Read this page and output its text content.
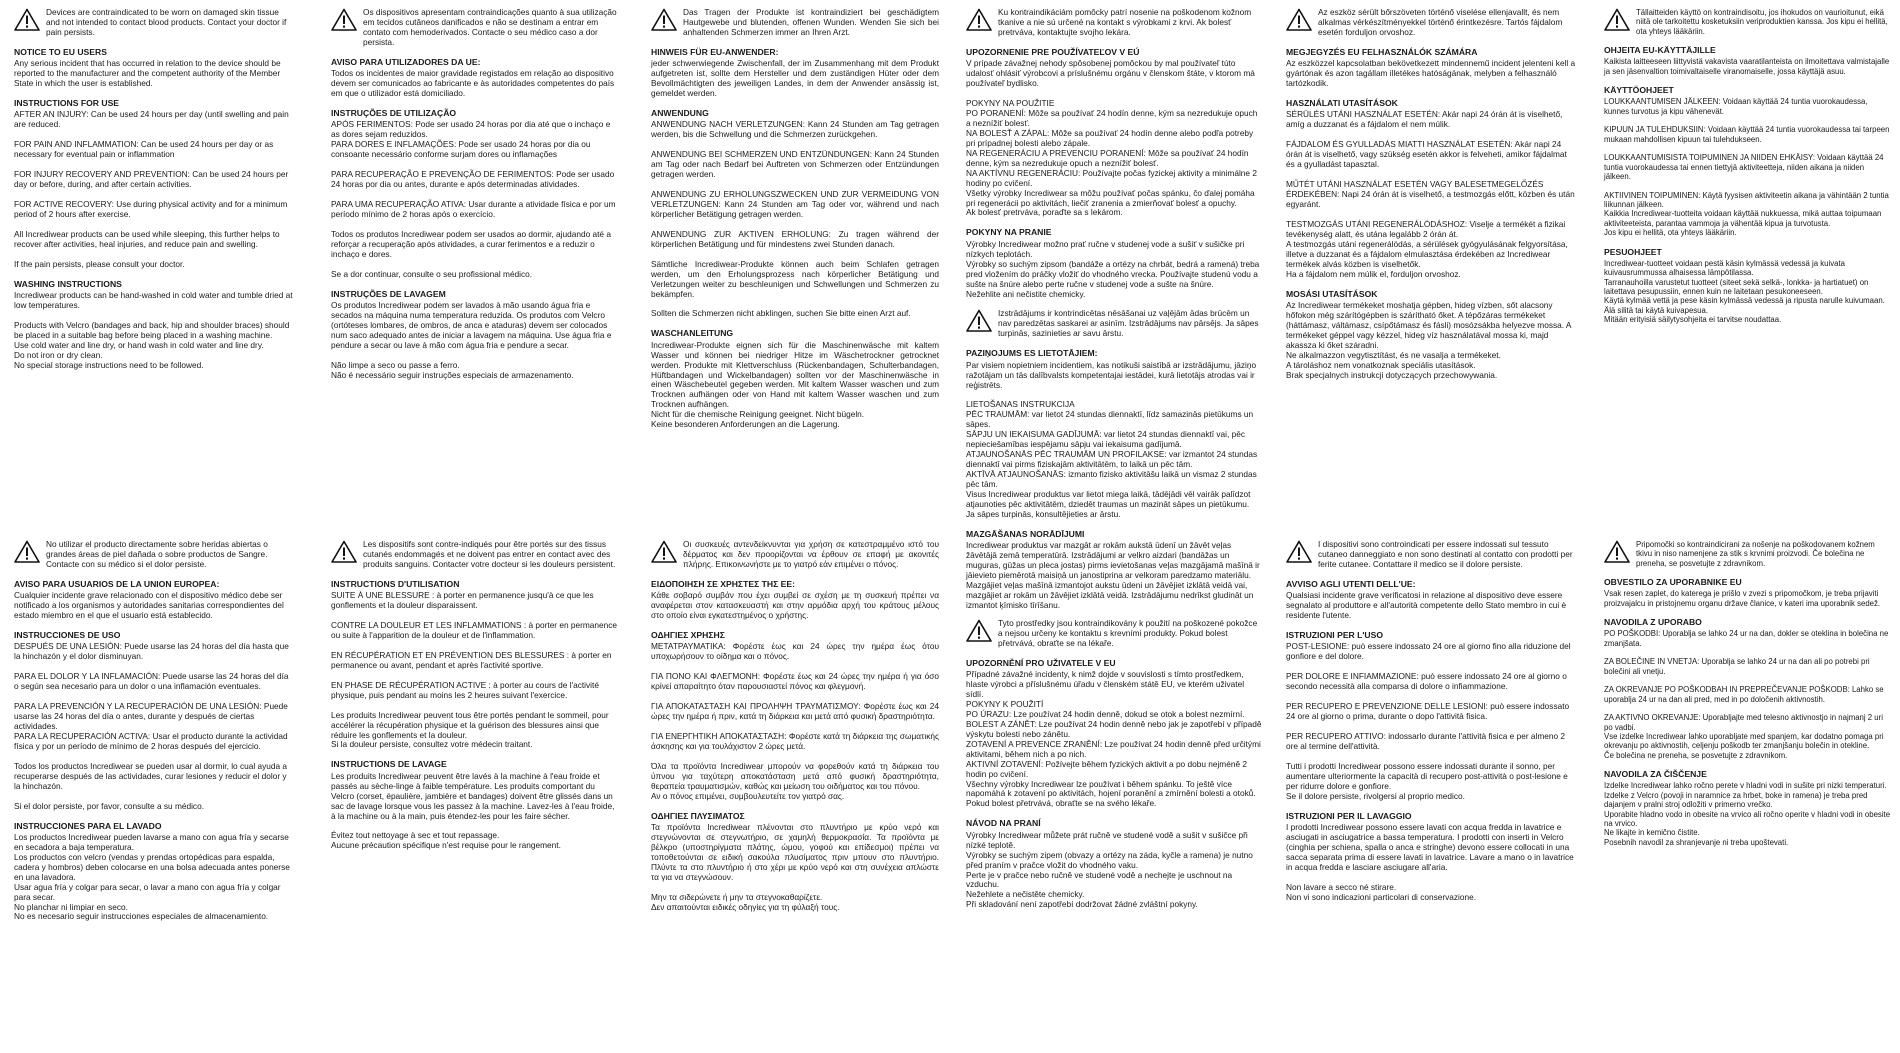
Devices are contraindicated to be worn on damaged skin tissue and not intended to contact blood products. Contact your doctor if pain persists.
NOTICE TO EU USERS
Any serious incident that has occurred in relation to the device should be reported to the manufacturer and the competent authority of the Member State in which the user is established.
INSTRUCTIONS FOR USE
AFTER AN INJURY: Can be used 24 hours per day (until swelling and pain are reduced.

FOR PAIN AND INFLAMMATION: Can be used 24 hours per day or as necessary for eventual pain or inflammation

FOR INJURY RECOVERY AND PREVENTION: Can be used 24 hours per day or before, during, and after certain activities.

FOR ACTIVE RECOVERY: Use during physical activity and for a minimum period of 2 hours after exercise.

All Incrediwear products can be used while sleeping, this further helps to recover after activities, heal injuries, and reduce pain and swelling.

If the pain persists, please consult your doctor.
WASHING INSTRUCTIONS
Incrediwear products can be hand-washed in cold water and tumble dried at low temperatures.

Products with Velcro (bandages and back, hip and shoulder braces) should be placed in a suitable bag before being placed in a washing machine.
Use cold water and line dry, or hand wash in cold water and line dry.
Do not iron or dry clean.
No special storage instructions need to be followed.
Os dispositivos apresentam contraindicações quanto à sua utilização em tecidos cutâneos danificados e não se destinam a entrar em contato com hemoderivados. Contacte o seu médico caso a dor persista.
AVISO PARA UTILIZADORES DA UE:
Todos os incidentes de maior gravidade registados em relação ao dispositivo devem ser comunicados ao fabricante e às autoridades competentes do país em que o utilizador está domiciliado.
INSTRUÇÕES DE UTILIZAÇÃO
APÓS FERIMENTOS: Pode ser usado 24 horas por dia até que o inchaço e as dores sejam reduzidos.
PARA DORES E INFLAMAÇÕES: Pode ser usado 24 horas por dia ou consoante necessário conforme surjam dores ou inflamações

PARA RECUPERAÇÃO E PREVENÇÃO DE FERIMENTOS: Pode ser usado 24 horas por dia ou antes, durante e após determinadas atividades.

PARA UMA RECUPERAÇÃO ATIVA: Usar durante a atividade física e por um período mínimo de 2 horas após o exercício.

Todos os produtos Incrediwear podem ser usados ao dormir, ajudando até a reforçar a recuperação após atividades, a curar ferimentos e a reduzir o inchaço e dores.

Se a dor continuar, consulte o seu profissional médico.
INSTRUÇÕES DE LAVAGEM
Os produtos Incrediwear podem ser lavados à mão usando água fria e secados na máquina numa temperatura reduzida. Os produtos com Velcro (ortóteses lombares, de ombros, de anca e ataduras) devem ser colocados num saco adequado antes de iniciar a lavagem na máquina. Use água fria e pendure a secar ou lave à mão com água fria e pendure a secar.

Não limpe a seco ou passe a ferro.
Não é necessário seguir instruções especiais de armazenamento.
Das Tragen der Produkte ist kontraindiziert bei geschädigtem Hautgewebe und blutenden, offenen Wunden. Wenden Sie sich bei anhaltenden Schmerzen immer an Ihren Arzt.
HINWEIS FÜR EU-ANWENDER:
jeder schwerwiegende Zwischenfall, der im Zusammenhang mit dem Produkt aufgetreten ist, sollte dem Hersteller und dem zuständigen Hüter oder dem Bevollmächtigten des jeweiligen Landes, in dem der Anwender ansässig ist, gemeldet werden.
ANWENDUNG
ANWENDUNG NACH VERLETZUNGEN: Kann 24 Stunden am Tag getragen werden, bis die Schwellung und die Schmerzen zurückgehen.

ANWENDUNG BEI SCHMERZEN UND ENTZÜNDUNGEN: Kann 24 Stunden am Tag oder nach Bedarf bei Auftreten von Schmerzen oder Entzündungen getragen werden.

ANWENDUNG ZU ERHOLUNGSZWECKEN UND ZUR VERMEIDUNG VON VERLETZUNGEN: Kann 24 Stunden am Tag oder vor, während und nach körperlicher Betätigung getragen werden.

ANWENDUNG ZUR AKTIVEN ERHOLUNG: Zu tragen während der körperlichen Betätigung und für mindestens zwei Stunden danach.

Sämtliche Incrediwear-Produkte können auch beim Schlafen getragen werden, um den Erholungsprozess nach körperlicher Betätigung und Verletzungen weiter zu beschleunigen und Schwellungen und Schmerzen zu bekämpfen.

Sollten die Schmerzen nicht abklingen, suchen Sie bitte einen Arzt auf.
WASCHANLEITUNG
Incrediwear-Produkte eignen sich für die Maschinenwäsche mit kaltem Wasser und können bei niedriger Hitze im Wäschetrockner getrocknet werden. Produkte mit Klettverschluss (Rückenbandagen, Schulterbandagen, Hüftbandagen und Wickelbandagen) sollten vor der Maschinenwäsche in einen Wäschebeutel gegeben werden. Mit kaltem Wasser waschen und zum Trocknen aufhängen oder von Hand mit kaltem Wasser waschen und zum Trocknen aufhängen.
Nicht für die chemische Reinigung geeignet. Nicht bügeln.
Keine besonderen Anforderungen an die Lagerung.
Ku kontraindikáciám pomôcky patrí nosenie na poškodenom kožnom tkanive a nie sú určené na kontakt s výrobkami z krvi. Ak bolesť pretrváva, kontaktujte svojho lekára.
UPOZORNENIE PRE POUŽÍVATEĽOV V EÚ
V prípade závažnej nehody spôsobenej pomôckou by mal používateľ túto udalosť ohlásiť výrobcovi a príslušnému orgánu v členskom štáte, v ktorom má používateľ bydlisko.

POKYNY NA POUŽITIE
PO PORANENÍ: Môže sa používať 24 hodín denne, kým sa nezredukuje opuch a neznížiť bolesť.
NA BOLESŤ A ZÁPAL: Môže sa používať 24 hodín denne alebo podľa potreby pri prípadnej bolesti alebo zápale.
NA REGENERÁCIU A PREVENCIU PORANENÍ: Môže sa používať 24 hodín denne, kým sa nezredukuje opuch a neznížiť bolesť.
NA AKTÍVNU REGENERÁCIU: Používajte počas fyzickej aktivity a minimálne 2 hodiny po cvičení.
Všetky výrobky Incrediwear sa môžu používať počas spánku, čo ďalej pomáha pri regenerácii po aktivitách, liečiť zranenia a zmierňovať bolesť a opuchy.
Ak bolesť pretrváva, poraďte sa s lekárom.
POKYNY NA PRANIE
Výrobky Incrediwear možno prať ručne v studenej vode a sušiť v sušičke pri nízkych teplotách.
Výrobky so suchým zipsom (bandáže a ortézy na chrbát, bedrá a ramená) treba pred vložením do práčky vložiť do vhodného vrecka. Používajte studenú vodu a sušte na šnúre alebo perte ručne v studenej vode a sušte na šnúre.
Nežehlite ani nečistite chemicky.
Izstrādājums ir kontrindicētas nēsāšanai uz vaļējām ādas brūcēm un nav paredzētas saskarei ar asinīm. Izstrādājums nav pārsējs. Ja sāpes turpinās, sazinieties ar savu ārstu.
PAZIŅOJUMS ES LIETOTĀJIEM:
Par visiem nopietniem incidentiem, kas notikuši saistībā ar izstrādājumu, jāziņo ražotājam un tās dalībvalsts kompetentajai iestādei, kurā lietotājs atrodas vai ir reģistrēts.

LIETOŠANAS INSTRUKCIJA
PĒC TRAUMĀM: var lietot 24 stundas diennaktī, līdz samazinās pietūkums un sāpes.
SĀPJU UN IEKAISUMA GADĪJUMĀ: var lietot 24 stundas diennaktī vai, pēc nepieciešamības iespējamu sāpju vai iekaisuma gadījumā.
ATJAUNOŠANĀS PĒC TRAUMĀM UN PROFILAKSE: var izmantot 24 stundas diennaktī vai pirms fiziskajām aktivitātēm, to laikā un pēc tām.
AKTĪVĀ ATJAUNOŠANĀS: izmanto fizisko aktivitāšu laikā un vismaz 2 stundas pēc tām.
Visus Incrediwear produktus var lietot miega laikā, tādējādi vēl vairāk palīdzot atjaunoties pēc aktivitātēm, dziedēt traumas un mazināt sāpes un pietūkumu.
Ja sāpes turpinās, konsultējieties ar ārstu.
MAZGĀŠANAS NORĀDĪJUMI
Incrediwear produktus var mazgāt ar rokām aukstā ūdenī un žāvēt veļas žāvētājā zemā temperatūrā. Izstrādājumi ar velkro aizdari (bandāžas un muguras, gūžas un pleca jostas) pirms ievietošanas veļas mazgājamā mašīnā ir jāievieto piemērotā maisiņā un janostiprina ar velkoram paredzamo materiālu. Mazgājiet veļas mašīnā izmantojot aukstu ūdeni un žāvējiet izklātā veidā vai, mazgājiet ar rokām un žāvējiet izklātā veidā. Izstrādājumu nedrīkst gludināt un izmantot ķīmisko tīrīšanu.
Tyto prostředky jsou kontraindikovány k použití na poškozené pokožce a nejsou určeny ke kontaktu s krevními produkty. Pokud bolest přetrvává, obraťte se na lékaře.
UPOZORNĚNÍ PRO UŽIVATELE V EU
Případné závažné incidenty, k nimž dojde v souvislosti s tímto prostředkem, hlaste výrobci a příslušnému úřadu v členském státě EU, ve kterém uživatel sídlí.
POKYNY K POUŽITÍ
PO ÚRAZU: Lze používat 24 hodin denně, dokud se otok a bolest nezmírní.
BOLEST A ZÁNĚT: Lze používat 24 hodin denně nebo jak je zapotřebí v případě výskytu bolesti nebo zánětu.
ZOTAVENÍ A PREVENCE ZRANĚNÍ: Lze používat 24 hodin denně před určitými aktivitami, během nich a po nich.
AKTIVNÍ ZOTAVENÍ: Požívejte během fyzických aktivit a po dobu nejméně 2 hodin po cvičení.
Všechny výrobky Incrediwear lze používat i během spánku. To ještě více napomáhá k zotavení po aktivitách, hojení poranění a zmírnění bolesti a otoků.
Pokud bolest přetrvává, obraťte se na svého lékaře.
NÁVOD NA PRANÍ
Výrobky Incrediwear můžete prát ručně ve studené vodě a sušit v sušičce při nízké teplotě.
Výrobky se suchým zipem (obvazy a ortézy na záda, kyčle a ramena) je nutno před praním v pračce vložit do vhodného vaku.
Perte je v pračce nebo ručně ve studené vodě a nechejte je uschnout na vzduchu.
Nežehlete a nečistěte chemicky.
Při skladování není zapotřebí dodržovat žádné zvláštní pokyny.
Az eszköz sérült bőrszöveten történő viselése ellenjavallt, és nem alkalmas vérkészítményekkel történő érintkezésre. Tartós fájdalom esetén forduljon orvoshoz.
MEGJEGYZÉS EU FELHASZNÁLÓK SZÁMÁRA
Az eszközzel kapcsolatban bekövetkezett mindennemű incident jelenteni kell a gyártónak és azon tagállam illetékes hatóságának, melyben a felhasználó tartózkodik.
HASZNÁLATI UTASÍTÁSOK
SÉRÜLÉS UTÁNI HASZNÁLAT ESETÉN: Akár napi 24 órán át is viselhető, amíg a duzzanat és a fájdalom el nem múlik.

FÁJDALOM ÉS GYULLADÁS MIATTI HASZNÁLAT ESETÉN: Akár napi 24 órán át is viselhető, vagy szükség esetén akkor is felveheti, amikor fájdalmat és a gyulladást tapasztal.

MŰTÉT UTÁNI HASZNÁLAT ESETÉN VAGY BALESETMEGELŐZÉS ÉRDEKÉBEN: Napi 24 órán át is viselhető, a testmozgás előtt, közben és után egyaránt.

TESTMOZGÁS UTÁNI REGENERÁLÓDÁSHOZ: Viselje a termékét a fizikai tevékenység alatt, és utána legalább 2 órán át.
A testmozgás utáni regenerálódás, a sérülések gyógyulásának felgyorsítása, illetve a duzzanat és a fájdalom elmulasztása érdekében az Incrediwear termékek alvás közben is viselhetők.
Ha a fájdalom nem múlik el, forduljon orvoshoz.
MOSÁSI UTASÍTÁSOK
Az Incrediwear termékeket moshatja gépben, hideg vízben, sőt alacsony hőfokon még szárítógépben is szárítható őket. A tépőzáras termékeket (háttámasz, váltámasz, csípőtámasz és fásli) mosózsákba helyezve mossa. A termékeket géppel vagy kézzel, hideg víz használatával mossa ki, majd akassza ki őket száradni.
Ne alkalmazzon vegytisztítást, és ne vasalja a termékeket.
A tároláshoz nem vonatkoznak speciális utasítások.
Brak specjalnych instrukcji dotyczących przechowywania.
Tällaitteiden käyttö on kontraindisoitu, jos ihokudos on vaurioitunut, eikä niitä ole tarkoitettu kosketuksiin veriproduktien kanssa. Jos kipu ei hellitä, ota yhteys lääkäriin.
OHJEITA EU-KÄYTTÄJILLE
Kaikista laitteeseen liittyvistä vakavista vaaratilanteista on ilmoitettava valmistajalle ja sen jäsenvaltion toimivaltaiselle viranomaiselle, jossa käyttäjä asuu.
KÄYTTÖOHJEET
LOUKKAANTUMISEN JÄLKEEN: Voidaan käyttää 24 tuntia vuorokaudessa, kunnes turvotus ja kipu vähenevät.

KIPUUN JA TULEHDUKSIIN: Voidaan käyttää 24 tuntia vuorokaudessa tai tarpeen mukaan mahdollisen kipuun tai tulehdukseen.

LOUKKAANTUMISISTA TOIPUMINEN JA NIIDEN EHKÄISY: Voidaan käyttää 24 tuntia vuorokaudessa tai ennen tiettyjä aktiviteetteja, niiden aikana ja niiden jälkeen.

AKTIIVINEN TOIPUMINEN: Käytä fyysisen aktiviteetin aikana ja vähintään 2 tuntia liikunnan jälkeen.
Kaikkia Incrediwear-tuotteita voidaan käyttää nukkuessa, mikä auttaa toipumaan aktiviteeteista, parantaa vammoja ja vähentää kipua ja turvotusta.
Jos kipu ei hellitä, ota yhteys lääkäriin.
PESUOHJEET
Incrediwear-tuotteet voidaan pestä käsin kylmässä vedessä ja kuivata kuivausrummussa alhaisessa lämpötilassa.
Tarranauhoilla varustetut tuotteet (siteet sekä selkä-, lonkka- ja hartiatuet) on laitettava pesupussiin, ennen kuin ne laitetaan pesukoneeseen.
Käytä kylmää vettä ja pese käsin kylmässä vedessä ja ripusta narulle kuivumaan.
Älä silitä tai käytä kuivapesua.
Mitään erityisiä säilytysohjeita ei tarvitse noudattaa.
No utilizar el producto directamente sobre heridas abiertas o grandes áreas de piel dañada o sobre productos de Sangre. Contacte con su médico si el dolor persiste.
AVISO PARA USUARIOS DE LA UNION EUROPEA:
Cualquier incidente grave relacionado con el dispositivo médico debe ser notificado a los organismos y autoridades sanitarias correspondientes del estado miembro en el que el usuario está establecido.
INSTRUCCIONES DE USO
DESPUÉS DE UNA LESIÓN: Puede usarse las 24 horas del día hasta que la hinchazón y el dolor disminuyan.

PARA EL DOLOR Y LA INFLAMACIÓN: Puede usarse las 24 horas del día o según sea necesario para un dolor o una inflamación eventuales.

PARA LA PREVENCIÓN Y LA RECUPERACIÓN DE UNA LESIÓN: Puede usarse las 24 horas del día o antes, durante y después de ciertas actividades.
PARA LA RECUPERACIÓN ACTIVA: Usar el producto durante la actividad física y por un período de mínimo de 2 horas después del ejercicio.

Todos los productos Incrediwear se pueden usar al dormir, lo cual ayuda a recuperarse después de las actividades, curar lesiones y reducir el dolor y la hinchazón.

Si el dolor persiste, por favor, consulte a su médico.
INSTRUCCIONES PARA EL LAVADO
Los productos Incrediwear pueden lavarse a mano con agua fría y secarse en secadora a baja temperatura.
Los productos con velcro (vendas y prendas ortopédicas para espalda, cadera y hombros) deben colocarse en una bolsa adecuada antes ponerse en una lavadora.
Usar agua fría y colgar para secar, o lavar a mano con agua fría y colgar para secar.
No planchar ni limpiar en seco.
No es necesario seguir instrucciones especiales de almacenamiento.
Les dispositifs sont contre-indiqués pour être portés sur des tissus cutanés endommagés et ne doivent pas entrer en contact avec des produits sanguins. Contacter votre docteur si les douleurs persistent.
INSTRUCTIONS D'UTILISATION
SUITE À UNE BLESSURE : à porter en permanence jusqu'à ce que les gonflements et la douleur disparaissent.

CONTRE LA DOULEUR ET LES INFLAMMATIONS : à porter en permanence ou suite à l'apparition de la douleur et de l'inflammation.

EN RÉCUPÉRATION ET EN PRÉVENTION DES BLESSURES : à porter en permanence ou avant, pendant et après l'activité sportive.

EN PHASE DE RÉCUPÉRATION ACTIVE : à porter au cours de l'activité physique, puis pendant au moins les 2 heures suivant l'exercice.

Les produits Incrediwear peuvent tous être portés pendant le sommeil, pour accélérer la récupération physique et la guérison des blessures ainsi que réduire les gonflements et la douleur.
Si la douleur persiste, consultez votre médecin traitant.
INSTRUCTIONS DE LAVAGE
Les produits Incrediwear peuvent être lavés à la machine à l'eau froide et passés au sèche-linge à faible température. Les produits comportant du Velcro (corset, épaulière, jambière et bandages) doivent être glissés dans un sac de lavage lorsque vous les passez à la machine. Lavez-les à l'eau froide, à la machine ou à la main, puis étendez-les pour les faire sécher.

Évitez tout nettoyage à sec et tout repassage.
Aucune précaution spécifique n'est requise pour le rangement.
Οι συσκευές αντενδείκνυνται για χρήση σε κατεστραμμένο ιστό του δέρματος και δεν προορίζονται να έρθουν σε επαφή με ακονιτές πλήρης. Επικοινωνήστε με το γιατρό εάν επιμένει ο πόνος.
ΕΙΔΟΠΟΙΗΣΗ ΣΕ ΧΡΗΣΤΕΣ ΤΗΣ ΕΕ:
Κάθε σοβαρό συμβάν που έχει συμβεί σε σχέση με τη συσκευή πρέπει να αναφέρεται στον κατασκευαστή και στην αρμόδια αρχή του κράτους μέλους στο οποίο είναι εγκατεστημένος ο χρήστης.
ΟΔΗΓΙΕΣ ΧΡΗΣΗΣ
ΜΕΤΑΤΡΑΥΜΑΤΙΚΑ: Φορέστε έως και 24 ώρες την ημέρα έως ότου υποχωρήσουν το οίδημα και ο πόνος.

ΓΙΑ ΠΟΝΟ ΚΑΙ ΦΛΕΓΜΟΝΗ: Φορέστε έως και 24 ώρες την ημέρα ή για όσο κρίνεί απαραίτητο όταν παρουσιαστεί πόνος και φλεγμονή.

ΓΙΑ ΑΠΟΚΑΤΑΣΤΑΣΗ ΚΑΙ ΠΡΟΛΗΨΗ ΤΡΑΥΜΑΤΙΣΜΟΥ: Φορέστε έως και 24 ώρες την ημέρα ή πριν, κατά τη διάρκεια και μετά από φυσική δραστηριότητα.

ΓΙΑ ΕΝΕΡΓΗΤΙΚΗ ΑΠΟΚΑΤΑΣΤΑΣΗ: Φορέστε κατά τη διάρκεια της σωματικής άσκησης και για τουλάχιστον 2 ώρες μετά.

Όλα τα προϊόντα Incrediwear μπορούν να φορεθούν κατά τη διάρκεια του ύπνου για ταχύτερη αποκατάσταση μετά από φυσική δραστηριότητα, θεραπεία τραυματισμών, καθώς και μείωση του οιδήματος και του πόνου.
Αν ο πόνος επιμένει, συμβουλευτείτε τον γιατρό σας.
ΟΔΗΓΙΕΣ ΠΛΥΣΙΜΑΤΟΣ
Τα προϊόντα Incrediwear πλένονται στο πλυντήριο με κρύο νερό και στεγνώνονται σε στεγνωτήριο, σε χαμηλή θερμοκρασία. Τα προϊόντα με βέλκρο (υποστηρίγματα πλάτης, ώμου, γοφού και επίδεσμοι) πρέπει να τοποθετούνται σε ειδική σακούλα πλυσίματος πριν μπουν στο πλυντήριο. Πλύντε τα στο πλυντήριο ή στο χέρι με κρύο νερό και στη συνέχεια απλώστε τα για να στεγνώσουν.

Μην τα σιδερώνετε ή μην τα στεγνοκαθαρίζετε.
Δεν απαιτούνται ειδικές οδηγίες για τη φύλαξή τους.
I dispositivi sono controindicati per essere indossati sul tessuto cutaneo danneggiato e non sono destinati al contatto con prodotti per ferite cutanee. Contattare il medico se il dolore persiste.
AVVISO AGLI UTENTI DELL'UE:
Qualsiasi incidente grave verificatosi in relazione al dispositivo deve essere segnalato al produttore e all'autorità competente dello Stato membro in cui è residente l'utente.
ISTRUZIONI PER L'USO
POST-LESIONE: può essere indossato 24 ore al giorno fino alla riduzione del gonfiore e del dolore.

PER DOLORE E INFIAMMAZIONE: può essere indossato 24 ore al giorno o secondo necessità alla comparsa di dolore o infiammazione.

PER RECUPERO E PREVENZIONE DELLE LESIONI: può essere indossato 24 ore al giorno o prima, durante o dopo l'attività fisica.

PER RECUPERO ATTIVO: indossarlo durante l'attività fisica e per almeno 2 ore al termine dell'attività.

Tutti i prodotti Incrediwear possono essere indossati durante il sonno, per aumentare ulteriormente la capacità di recupero post-attività o post-lesione e per ridurre dolore e gonfiore.
Se il dolore persiste, rivolgersi al proprio medico.
ISTRUZIONI PER IL LAVAGGIO
I prodotti Incrediwear possono essere lavati con acqua fredda in lavatrice e asciugati in asciugatrice a bassa temperatura. I prodotti con inserti in Velcro (cinghia per schiena, spalla o anca e stringhe) devono essere collocati in una sacca separata prima di essere lavati in lavatrice. Lavare a mano o in lavatrice in acqua fredda e lasciare asciugare all'aria.

Non lavare a secco né stirare.
Non vi sono indicazioni particolari di conservazione.
Pripomočki so kontraindicirani za nošenje na poškodovanem kožnem tkivu in niso namenjene za stik s krvnimi proizvodi. Če bolečina ne preneha, se posvetujte z zdravnikom.
OBVESTILO ZA UPORABNIKE EU
Vsak resen zaplet, do katerega je prišlo v zvezi s pripomočkom, je treba prijaviti proizvajalcu in pristojnemu organu države članice, v kateri ima uporabnik sedež.
NAVODILA Z UPORABO
PO POŠKODBI: Uporablja se lahko 24 ur na dan, dokler se oteklina in bolečina ne zmanjšata.

ZA BOLEČINE IN VNETJA: Uporablja se lahko 24 ur na dan ali po potrebi pri bolečini ali vnetju.

ZA OKREVANJE PO POŠKODBAH IN PREPREČEVANJE POŠKODB: Lahko se uporablja 24 ur na dan ali pred, med in po določenih aktivnostih.

ZA AKTIVNO OKREVANJE: Uporabljajte med telesno aktivnostjo in najmanj 2 uri po vadbi.
Vse izdelke Incrediwear lahko uporabljate med spanjem, kar dodatno pomaga pri okrevanju po aktivnostih, celjenju poškodb ter zmanjšanju bolečin in otekline.
Če bolečina ne preneha, se posvetujte z zdravnikom.
NAVODILA ZA ČIŠČENJE
Izdelke Incrediwear lahko ročno perete v hladni vodi in sušite pri nizki temperaturi.
Izdelke z Velcro (povoji in naramnice za hrbet, boke in ramena) je treba pred dajanjem v pralni stroj odložiti v primerno vrečko.
Uporabite hladno vodo in obesite na vrvico ali ročno operite v hladni vodi in obesite na vrvico.
Ne likajte in kemično čistite.
Posebnih navodil za shranjevanje ni treba upoštevati.
